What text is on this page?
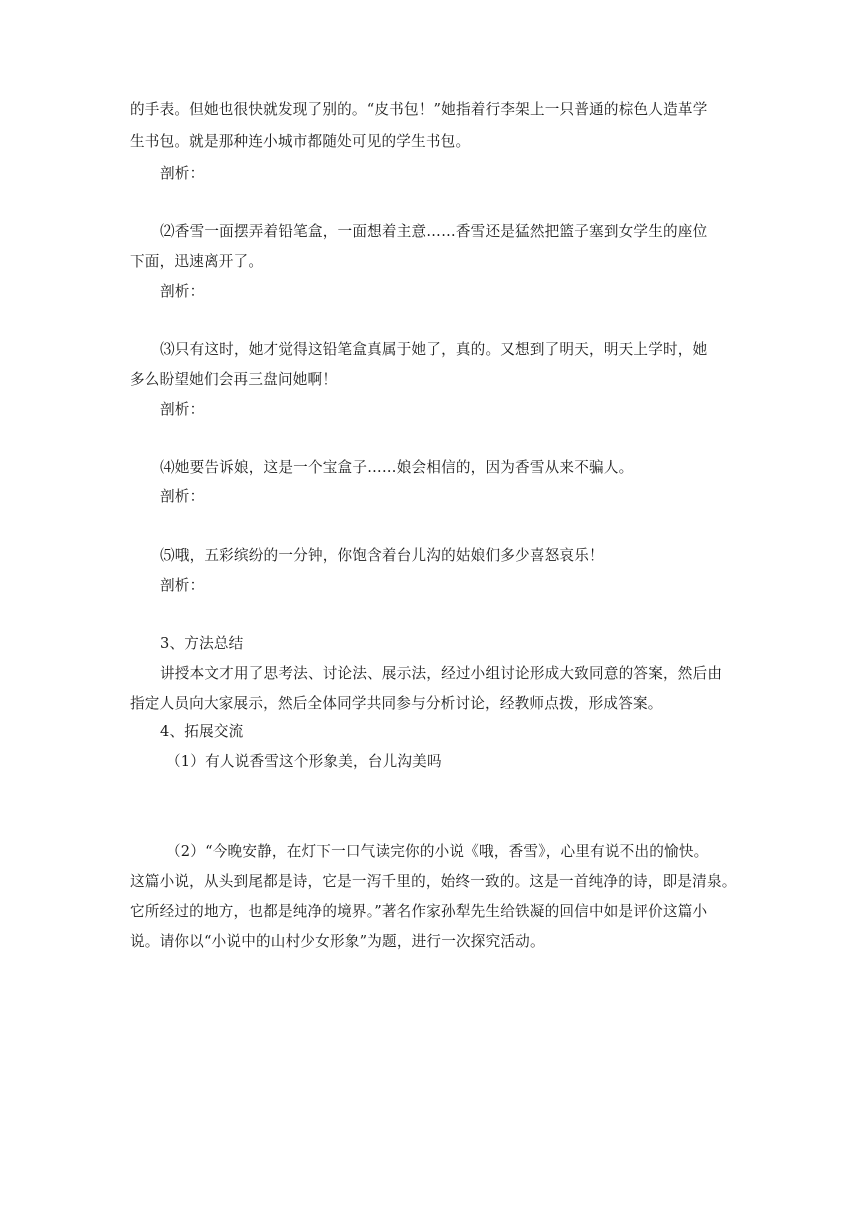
的手表。但她也很快就发现了别的。“皮书包！”她指着行李架上一只普通的棕色人造革学
生书包。就是那种连小城市都随处可见的学生书包。
剖析：
⑵香雪一面摆弄着铅笔盒，一面想着主意……香雪还是猛然把篮子塞到女学生的座位
下面，迅速离开了。
剖析：
⑶只有这时，她才觉得这铅笔盒真属于她了，真的。又想到了明天，明天上学时，她
多么盼望她们会再三盘问她啊！
剖析：
⑷她要告诉娘，这是一个宝盒子……娘会相信的，因为香雪从来不骗人。
剖析：
⑸哦，五彩缤纷的一分钟，你饱含着台儿沟的姑娘们多少喜怒哀乐！
剖析：
3、方法总结
讲授本文才用了思考法、讨论法、展示法，经过小组讨论形成大致同意的答案，然后由
指定人员向大家展示，然后全体同学共同参与分析讨论，经教师点拨，形成答案。
4、拓展交流
（1）有人说香雪这个形象美，台儿沟美吗
（2）“今晚安静，在灯下一口气读完你的小说《哦，香雪》，心里有说不出的愉快。
这篇小说，从头到尾都是诗，它是一泻千里的，始终一致的。这是一首纯净的诗，即是清泉。
它所经过的地方，也都是纯净的境界。”著名作家孙犁先生给铁凝的回信中如是评价这篇小
说。请你以“小说中的山村少女形象”为题，进行一次探究活动。
